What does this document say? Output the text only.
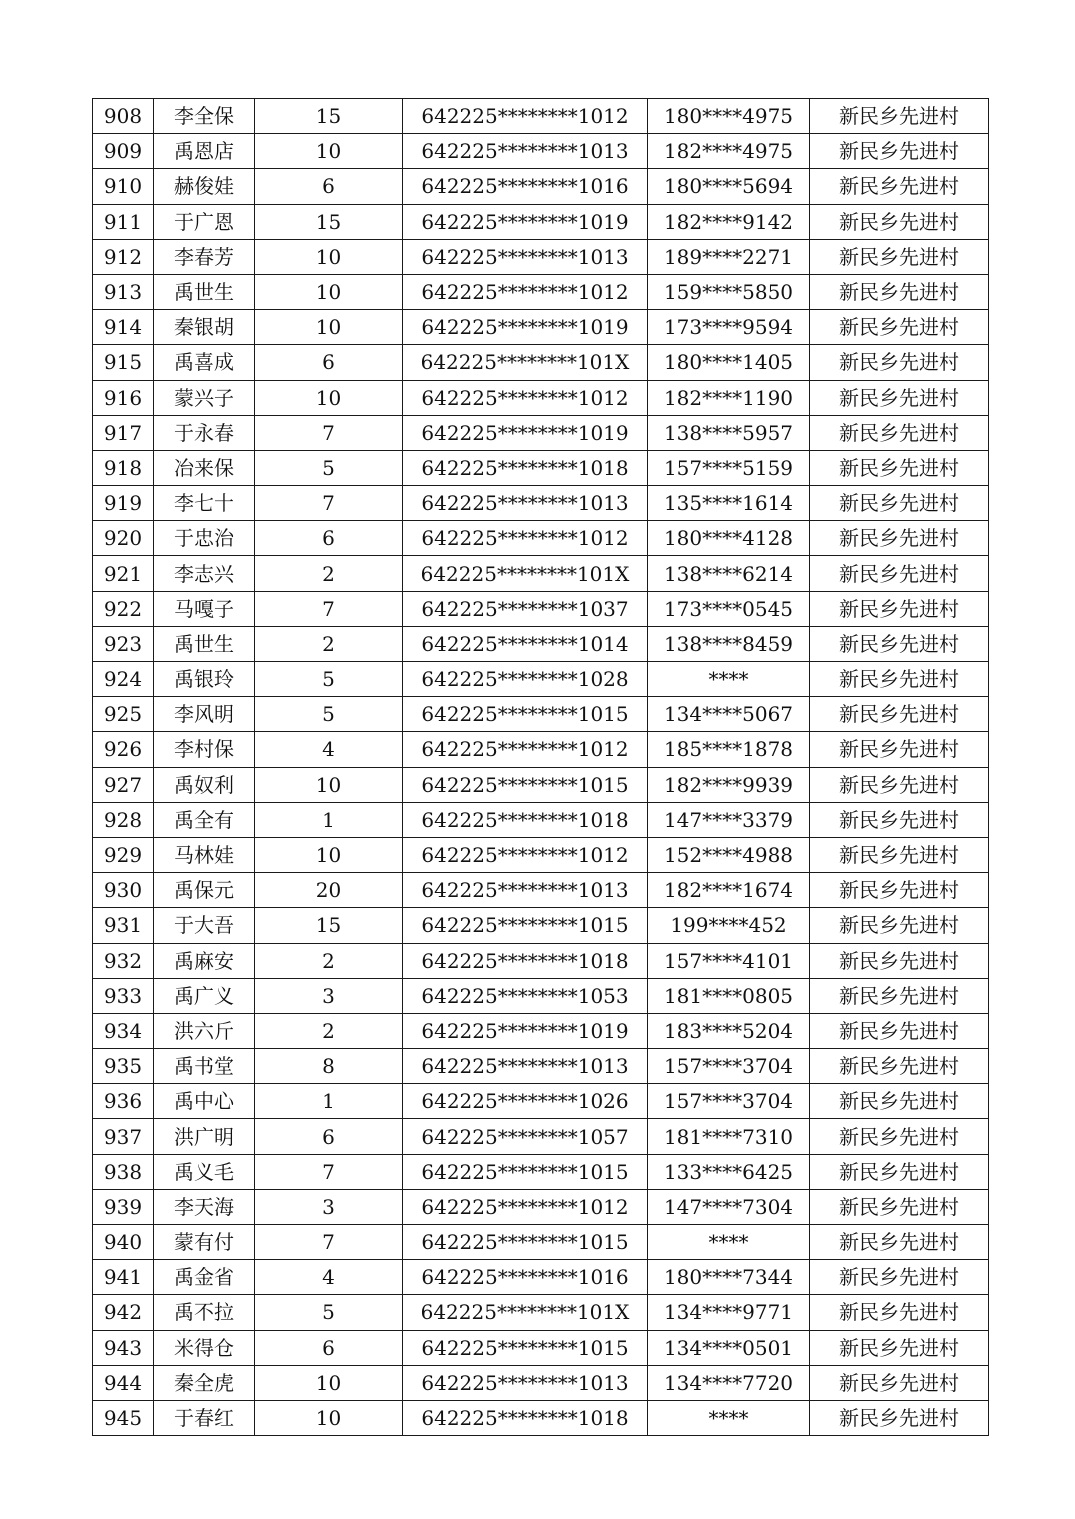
908	李全保	15	642225********1012	180****4975	新民乡先进村
909	禹恩店	10	642225********1013	182****4975	新民乡先进村
910	赫俊娃	6	642225********1016	180****5694	新民乡先进村
911	于广恩	15	642225********1019	182****9142	新民乡先进村
912	李春芳	10	642225********1013	189****2271	新民乡先进村
913	禹世生	10	642225********1012	159****5850	新民乡先进村
914	秦银胡	10	642225********1019	173****9594	新民乡先进村
915	禹喜成	6	642225********101X	180****1405	新民乡先进村
916	蒙兴子	10	642225********1012	182****1190	新民乡先进村
917	于永春	7	642225********1019	138****5957	新民乡先进村
918	冶来保	5	642225********1018	157****5159	新民乡先进村
919	李七十	7	642225********1013	135****1614	新民乡先进村
920	于忠治	6	642225********1012	180****4128	新民乡先进村
921	李志兴	2	642225********101X	138****6214	新民乡先进村
922	马嘎子	7	642225********1037	173****0545	新民乡先进村
923	禹世生	2	642225********1014	138****8459	新民乡先进村
924	禹银玲	5	642225********1028	****	新民乡先进村
925	李风明	5	642225********1015	134****5067	新民乡先进村
926	李村保	4	642225********1012	185****1878	新民乡先进村
927	禹奴利	10	642225********1015	182****9939	新民乡先进村
928	禹全有	1	642225********1018	147****3379	新民乡先进村
929	马林娃	10	642225********1012	152****4988	新民乡先进村
930	禹保元	20	642225********1013	182****1674	新民乡先进村
931	于大吾	15	642225********1015	199****452	新民乡先进村
932	禹麻安	2	642225********1018	157****4101	新民乡先进村
933	禹广义	3	642225********1053	181****0805	新民乡先进村
934	洪六斤	2	642225********1019	183****5204	新民乡先进村
935	禹书堂	8	642225********1013	157****3704	新民乡先进村
936	禹中心	1	642225********1026	157****3704	新民乡先进村
937	洪广明	6	642225********1057	181****7310	新民乡先进村
938	禹义毛	7	642225********1015	133****6425	新民乡先进村
939	李天海	3	642225********1012	147****7304	新民乡先进村
940	蒙有付	7	642225********1015	****	新民乡先进村
941	禹金省	4	642225********1016	180****7344	新民乡先进村
942	禹不拉	5	642225********101X	134****9771	新民乡先进村
943	米得仓	6	642225********1015	134****0501	新民乡先进村
944	秦全虎	10	642225********1013	134****7720	新民乡先进村
945	于春红	10	642225********1018	****	新民乡先进村
